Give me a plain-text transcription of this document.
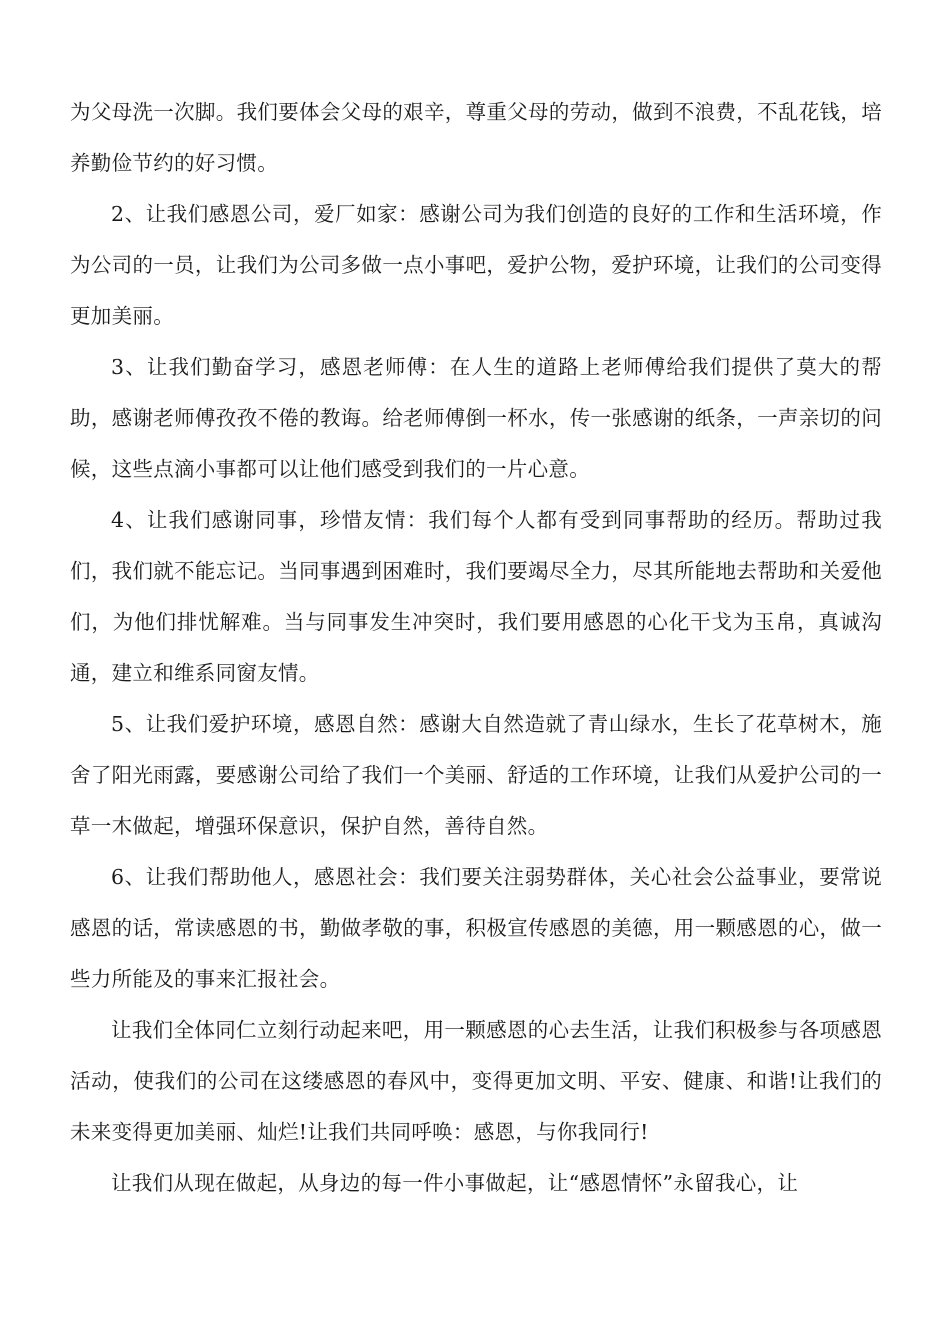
为父母洗一次脚。我们要体会父母的艰辛，尊重父母的劳动，做到不浪费，不乱花钱，培养勤俭节约的好习惯。

2、让我们感恩公司，爱厂如家：感谢公司为我们创造的良好的工作和生活环境，作为公司的一员，让我们为公司多做一点小事吧，爱护公物，爱护环境，让我们的公司变得更加美丽。

3、让我们勤奋学习，感恩老师傅：在人生的道路上老师傅给我们提供了莫大的帮助，感谢老师傅孜孜不倦的教诲。给老师傅倒一杯水，传一张感谢的纸条，一声亲切的问候，这些点滴小事都可以让他们感受到我们的一片心意。

4、让我们感谢同事，珍惜友情：我们每个人都有受到同事帮助的经历。帮助过我们，我们就不能忘记。当同事遇到困难时，我们要竭尽全力，尽其所能地去帮助和关爱他们，为他们排忧解难。当与同事发生冲突时，我们要用感恩的心化干戈为玉帛，真诚沟通，建立和维系同窗友情。

5、让我们爱护环境，感恩自然：感谢大自然造就了青山绿水，生长了花草树木，施舍了阳光雨露，要感谢公司给了我们一个美丽、舒适的工作环境，让我们从爱护公司的一草一木做起，增强环保意识，保护自然，善待自然。

6、让我们帮助他人，感恩社会：我们要关注弱势群体，关心社会公益事业，要常说感恩的话，常读感恩的书，勤做孝敬的事，积极宣传感恩的美德，用一颗感恩的心，做一些力所能及的事来汇报社会。

让我们全体同仁立刻行动起来吧，用一颗感恩的心去生活，让我们积极参与各项感恩活动，使我们的公司在这缕感恩的春风中，变得更加文明、平安、健康、和谐!让我们的未来变得更加美丽、灿烂!让我们共同呼唤：感恩，与你我同行!

让我们从现在做起，从身边的每一件小事做起，让“感恩情怀”永留我心，让
